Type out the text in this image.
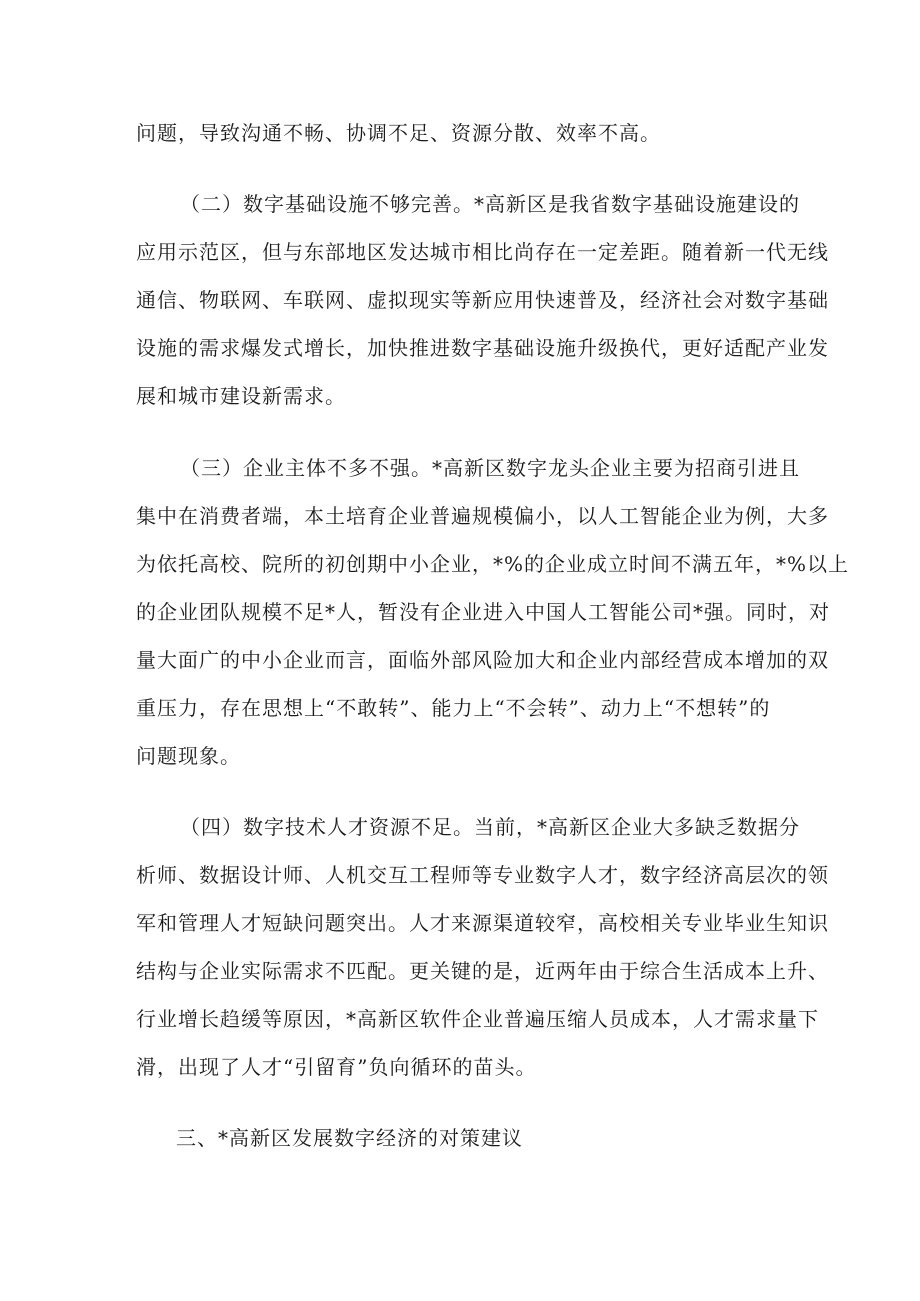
问题，导致沟通不畅、协调不足、资源分散、效率不高。

（二）数字基础设施不够完善。*高新区是我省数字基础设施建设的

应用示范区，但与东部地区发达城市相比尚存在一定差距。随着新一代无线

通信、物联网、车联网、虚拟现实等新应用快速普及，经济社会对数字基础

设施的需求爆发式增长，加快推进数字基础设施升级换代，更好适配产业发

展和城市建设新需求。

（三）企业主体不多不强。*高新区数字龙头企业主要为招商引进且

集中在消费者端，本土培育企业普遍规模偏小，以人工智能企业为例，大多

为依托高校、院所的初创期中小企业，*%的企业成立时间不满五年，*%以上

的企业团队规模不足*人，暂没有企业进入中国人工智能公司*强。同时，对

量大面广的中小企业而言，面临外部风险加大和企业内部经营成本增加的双

重压力，存在思想上“不敢转”、能力上“不会转”、动力上“不想转”的

问题现象。

（四）数字技术人才资源不足。当前，*高新区企业大多缺乏数据分

析师、数据设计师、人机交互工程师等专业数字人才，数字经济高层次的领

军和管理人才短缺问题突出。人才来源渠道较窄，高校相关专业毕业生知识

结构与企业实际需求不匹配。更关键的是，近两年由于综合生活成本上升、

行业增长趋缓等原因，*高新区软件企业普遍压缩人员成本，人才需求量下

滑，出现了人才“引留育”负向循环的苗头。

三、*高新区发展数字经济的对策建议
